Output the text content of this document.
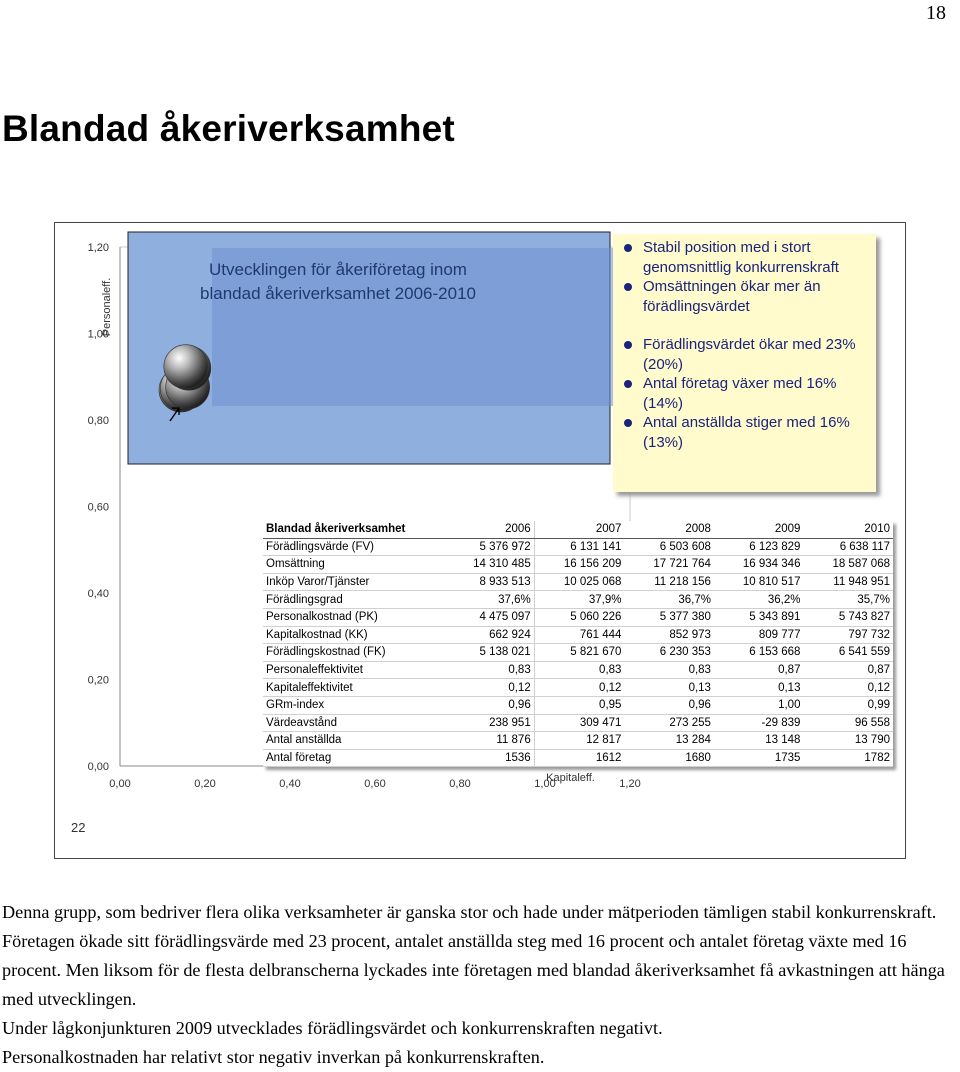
18
Blandad åkeriverksamhet
0,00
0,00
0,20
0,20
0,40
0,40
0,60
0,60
0,80
0,80
1,00
1,00
1,20
1,20
Personaleff.
Kapitaleff.
Utvecklingen för åkeriföretag inom
blandad åkeriverksamhet 2006-2010
Stabil position med i stort genomsnittlig konkurrenskraft
Omsättningen ökar mer än förädlingsvärdet
Förädlingsvärdet ökar med 23% (20%)
Antal företag växer med 16% (14%)
Antal anställda stiger med 16% (13%)
Blandad åkeriverksamhet	2006	2007	2008	2009	2010
Förädlingsvärde (FV)	5 376 972	6 131 141	6 503 608	6 123 829	6 638 117
Omsättning	14 310 485	16 156 209	17 721 764	16 934 346	18 587 068
Inköp Varor/Tjänster	8 933 513	10 025 068	11 218 156	10 810 517	11 948 951
Förädlingsgrad	37,6%	37,9%	36,7%	36,2%	35,7%
Personalkostnad (PK)	4 475 097	5 060 226	5 377 380	5 343 891	5 743 827
Kapitalkostnad (KK)	662 924	761 444	852 973	809 777	797 732
Förädlingskostnad (FK)	5 138 021	5 821 670	6 230 353	6 153 668	6 541 559
Personaleffektivitet	0,83	0,83	0,83	0,87	0,87
Kapitaleffektivitet	0,12	0,12	0,13	0,13	0,12
GRm-index	0,96	0,95	0,96	1,00	0,99
Värdeavstånd	238 951	309 471	273 255	-29 839	96 558
Antal anställda	11 876	12 817	13 284	13 148	13 790
Antal företag	1536	1612	1680	1735	1782
22

Denna grupp, som bedriver flera olika verksamheter är ganska stor och hade under mätperioden tämligen stabil konkurrenskraft. Företagen ökade sitt förädlingsvärde med 23 procent, antalet anställda steg med 16 procent och antalet företag växte med 16 procent. Men liksom för de flesta delbranscherna lyckades inte företagen med blandad åkeriverksamhet få avkastningen att hänga med utvecklingen.

Under lågkonjunkturen 2009 utvecklades förädlingsvärdet och konkurrenskraften negativt.

Personalkostnaden har relativt stor negativ inverkan på konkurrenskraften.
